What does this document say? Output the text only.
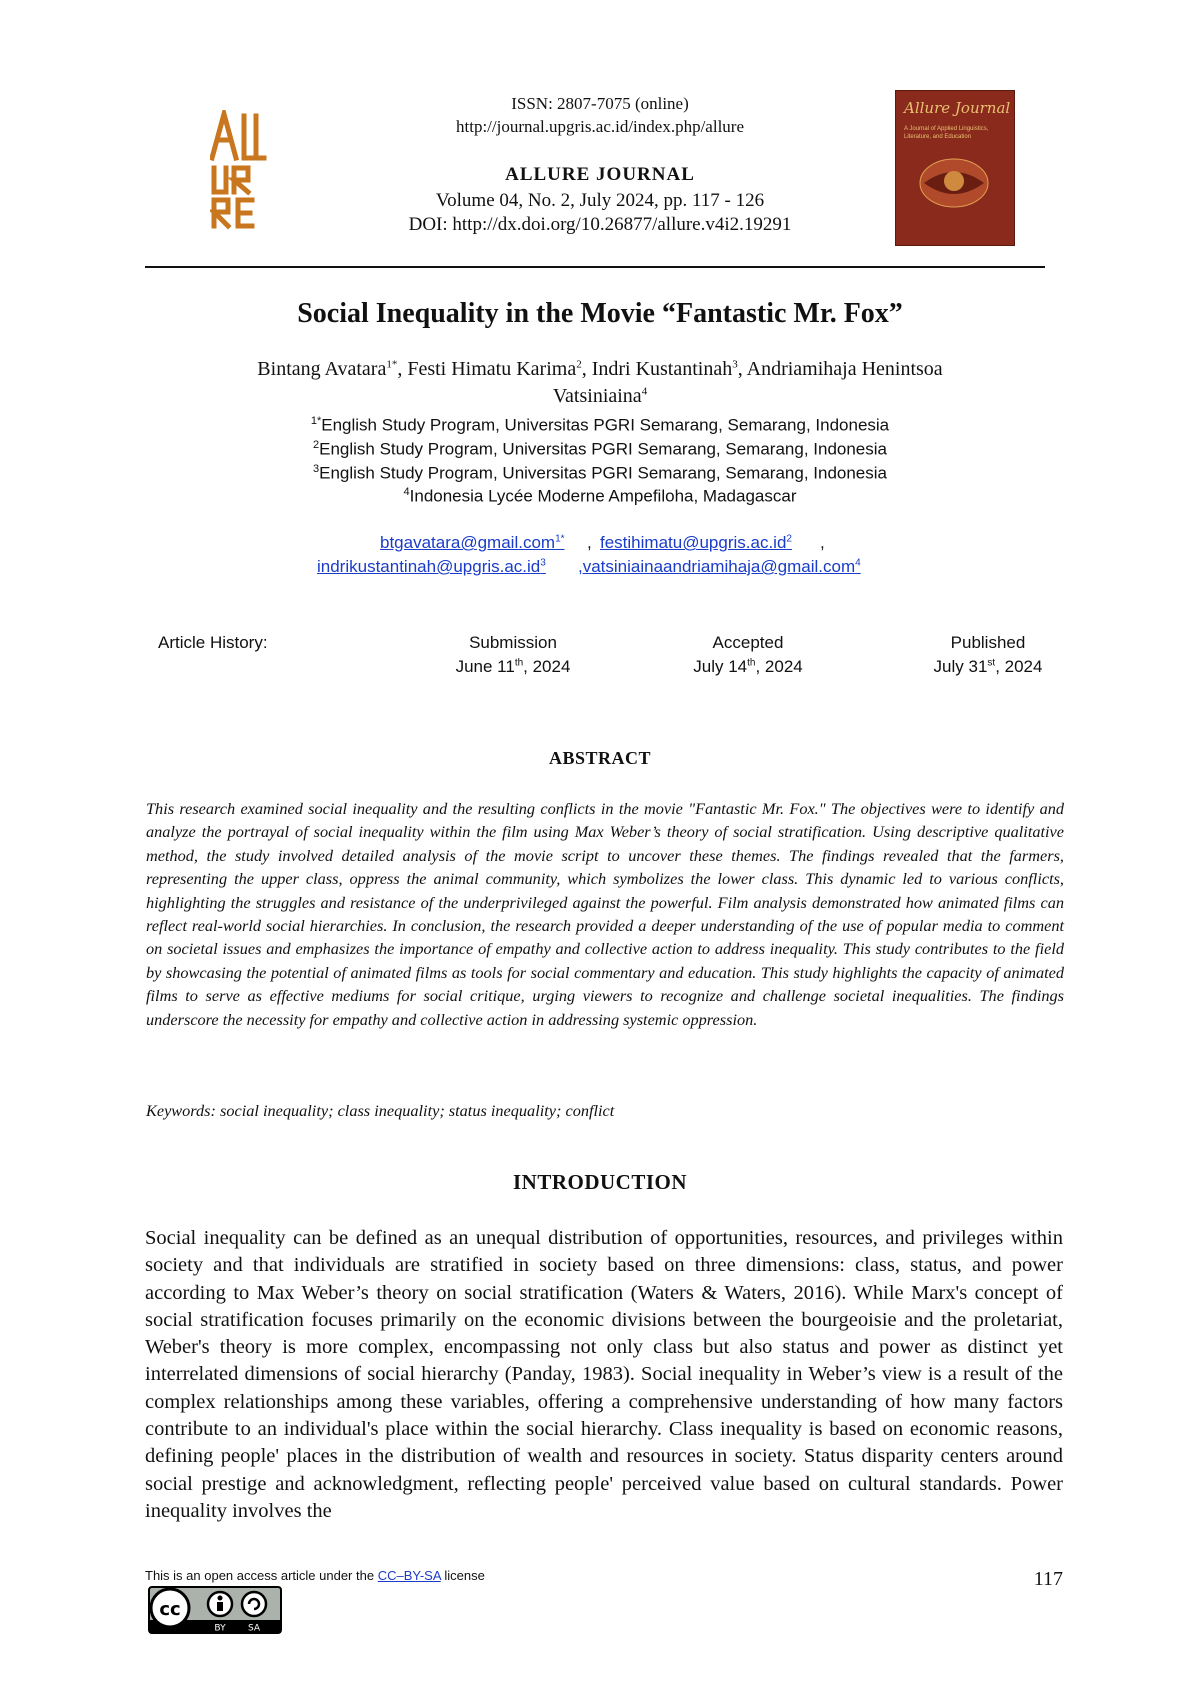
ISSN: 2807-7075 (online)
http://journal.upgris.ac.id/index.php/allure
ALLURE JOURNAL
Volume 04, No. 2, July 2024, pp. 117 - 126
DOI: http://dx.doi.org/10.26877/allure.v4i2.19291
Allure Journal
A Journal of Applied Linguistics, Literature, and Education

Social Inequality in the Movie “Fantastic Mr. Fox”
Bintang Avatara$^{1*}$, Festi Himatu Karima$^2$, Indri Kustantinah$^3$, Andriamihaja Henintsoa
Vatsiniaina$^4$
$^{1*}$English Study Program, Universitas PGRI Semarang, Semarang, Indonesia
$^2$English Study Program, Universitas PGRI Semarang, Semarang, Indonesia
$^3$English Study Program, Universitas PGRI Semarang, Semarang, Indonesia
$^4$Indonesia Lycée Moderne Ampefiloha, Madagascar
btgavatara@gmail.com$^{1*}$ , $festihimatu@upgris.ac.id^2$ ,
$indrikustantinah@upgris.ac.id^3$ ,vatsiniainaandriamihaja@gmail.com$^4$
Article History:	Submission
June 11th, 2024
Accepted
July 14th, 2024
Published
July 31st, 2024
ABSTRACT
This research examined social inequality and the resulting conflicts in the movie "Fantastic Mr. Fox." The objectives were to identify and analyze the portrayal of social inequality within the film using Max Weber’s theory of social stratification. Using descriptive qualitative method, the study involved detailed analysis of the movie script to uncover these themes. The findings revealed that the farmers, representing the upper class, oppress the animal community, which symbolizes the lower class. This dynamic led to various conflicts, highlighting the struggles and resistance of the underprivileged against the powerful. Film analysis demonstrated how animated films can reflect real-world social hierarchies. In conclusion, the research provided a deeper understanding of the use of popular media to comment on societal issues and emphasizes the importance of empathy and collective action to address inequality. This study contributes to the field by showcasing the potential of animated films as tools for social commentary and education. This study highlights the capacity of animated films to serve as effective mediums for social critique, urging viewers to recognize and challenge societal inequalities. The findings underscore the necessity for empathy and collective action in addressing systemic oppression.
Keywords: social inequality; class inequality; status inequality; conflict
INTRODUCTION
Social inequality can be defined as an unequal distribution of opportunities, resources, and privileges within society and that individuals are stratified in society based on three dimensions: class, status, and power according to Max Weber’s theory on social stratification (Waters & Waters, 2016). While Marx's concept of social stratification focuses primarily on the economic divisions between the bourgeoisie and the proletariat, Weber's theory is more complex, encompassing not only class but also status and power as distinct yet interrelated dimensions of social hierarchy (Panday, 1983). Social inequality in Weber’s view is a result of the complex relationships among these variables, offering a comprehensive understanding of how many factors contribute to an individual's place within the social hierarchy. Class inequality is based on economic reasons, defining people' places in the distribution of wealth and resources in society. Status disparity centers around social prestige and acknowledgment, reflecting people' perceived value based on cultural standards. Power inequality involves the
This is an open access article under the CC–BY-SA license	117
cc
BY SA
